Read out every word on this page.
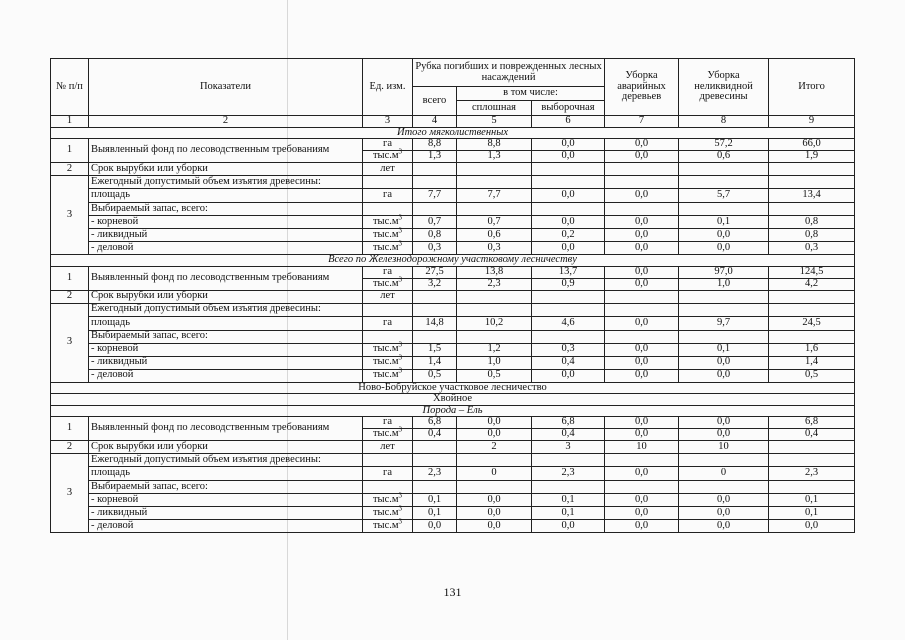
№ п/п	Показатели	Ед. изм.	Рубка погибших и поврежденных лесных насаждений			Уборка аварийных деревьев	Уборка неликвидной древесины	Итого
			всего	в том числе:				
				сплошная	выборочная			
1	2	3	4	5	6	7	8	9
Итого мягколиственных								
1	Выявленный фонд по лесоводственным требованиям	га	8,8	8,8	0,0	0,0	57,2	66,0
		$тыс.м^3$	1,3	1,3	0,0	0,0	0,6	1,9
2	Срок вырубки или уборки	лет						
3	Ежегодный допустимый объем изъятия древесины:							
	площадь	га	7,7	7,7	0,0	0,0	5,7	13,4
	Выбираемый запас, всего:							
	- корневой	$тыс.м^3$	0,7	0,7	0,0	0,0	0,1	0,8
	- ликвидный	$тыс.м^3$	0,8	0,6	0,2	0,0	0,0	0,8
	- деловой	$тыс.м^3$	0,3	0,3	0,0	0,0	0,0	0,3
Всего по Железнодорожному участковому лесничеству								
1	Выявленный фонд по лесоводственным требованиям	га	27,5	13,8	13,7	0,0	97,0	124,5
		$тыс.м^3$	3,2	2,3	0,9	0,0	1,0	4,2
2	Срок вырубки или уборки	лет						
3	Ежегодный допустимый объем изъятия древесины:							
	площадь	га	14,8	10,2	4,6	0,0	9,7	24,5
	Выбираемый запас, всего:							
	- корневой	$тыс.м^3$	1,5	1,2	0,3	0,0	0,1	1,6
	- ликвидный	$тыс.м^3$	1,4	1,0	0,4	0,0	0,0	1,4
	- деловой	$тыс.м^3$	0,5	0,5	0,0	0,0	0,0	0,5
Ново-Бобруйское участковое лесничество								
Хвойное								
Порода – Ель								
1	Выявленный фонд по лесоводственным требованиям	га	6,8	0,0	6,8	0,0	0,0	6,8
		$тыс.м^3$	0,4	0,0	0,4	0,0	0,0	0,4
2	Срок вырубки или уборки	лет		2	3	10	10	
3	Ежегодный допустимый объем изъятия древесины:							
	площадь	га	2,3	0	2,3	0,0	0	2,3
	Выбираемый запас, всего:							
	- корневой	$тыс.м^3$	0,1	0,0	0,1	0,0	0,0	0,1
	- ликвидный	$тыс.м^3$	0,1	0,0	0,1	0,0	0,0	0,1
	- деловой	$тыс.м^3$	0,0	0,0	0,0	0,0	0,0	0,0
131
